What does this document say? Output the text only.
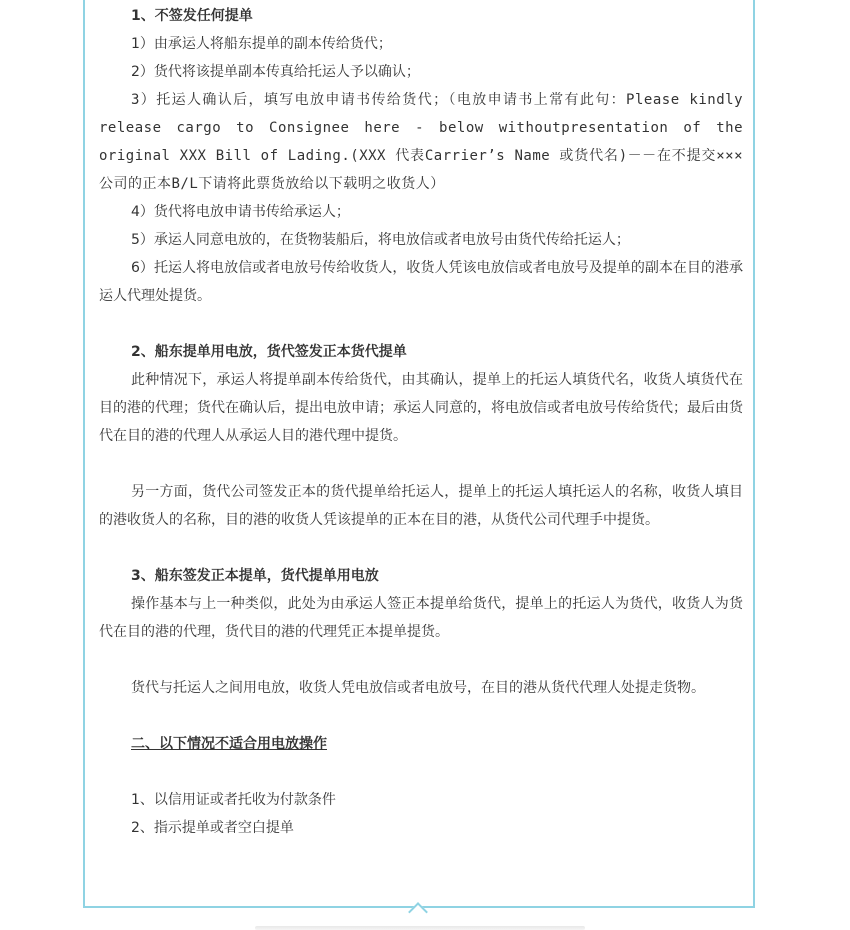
1、不签发任何提单

1）由承运人将船东提单的副本传给货代；

2）货代将该提单副本传真给托运人予以确认；

3）托运人确认后，填写电放申请书传给货代；（电放申请书上常有此句：Please kindly release cargo to Consignee here - below withoutpresentation of the original XXX Bill of Lading.(XXX 代表Carrier’s Name 或货代名)－－在不提交×××公司的正本B/L下请将此票货放给以下载明之收货人）

4）货代将电放申请书传给承运人；

5）承运人同意电放的，在货物装船后，将电放信或者电放号由货代传给托运人；

6）托运人将电放信或者电放号传给收货人，收货人凭该电放信或者电放号及提单的副本在目的港承运人代理处提货。

2、船东提单用电放，货代签发正本货代提单

此种情况下，承运人将提单副本传给货代，由其确认，提单上的托运人填货代名，收货人填货代在目的港的代理；货代在确认后，提出电放申请；承运人同意的，将电放信或者电放号传给货代；最后由货代在目的港的代理人从承运人目的港代理中提货。

另一方面，货代公司签发正本的货代提单给托运人，提单上的托运人填托运人的名称，收货人填目的港收货人的名称，目的港的收货人凭该提单的正本在目的港，从货代公司代理手中提货。

3、船东签发正本提单，货代提单用电放

操作基本与上一种类似，此处为由承运人签正本提单给货代，提单上的托运人为货代，收货人为货代在目的港的代理，货代目的港的代理凭正本提单提货。

货代与托运人之间用电放，收货人凭电放信或者电放号，在目的港从货代代理人处提走货物。

二、以下情况不适合用电放操作

1、以信用证或者托收为付款条件

2、指示提单或者空白提单
